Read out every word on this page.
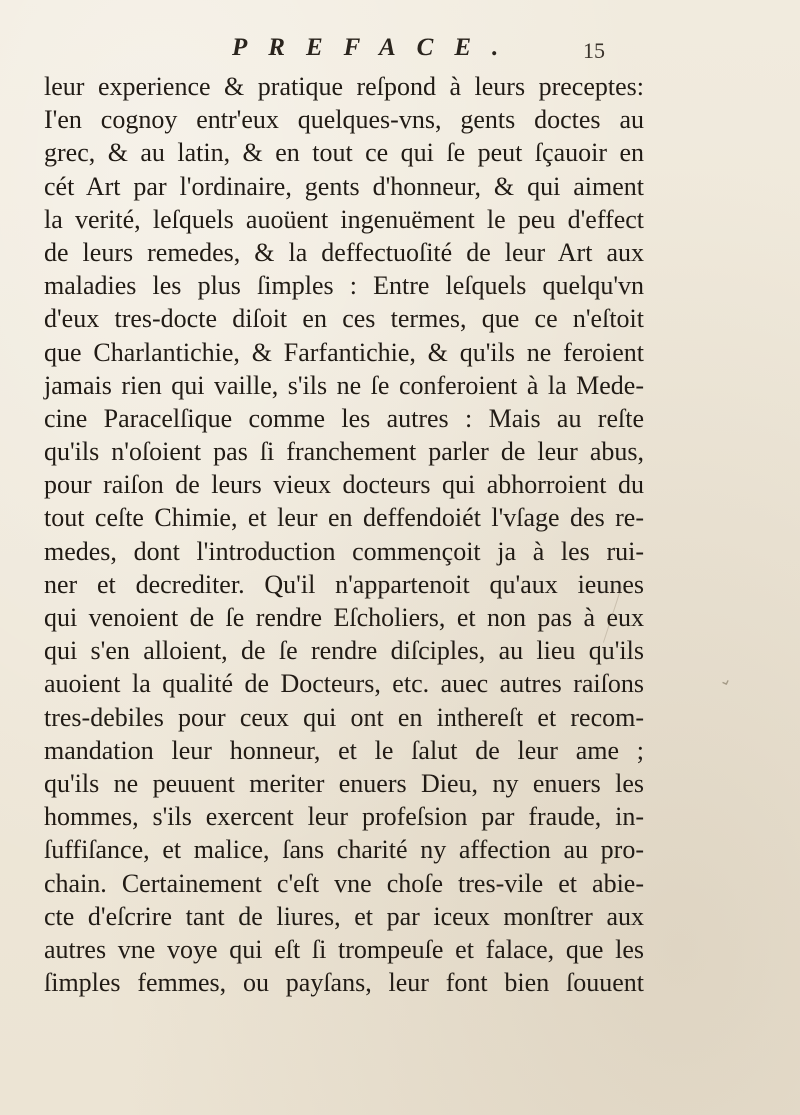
PREFACE.	15
leur experience & pratique reſpond à leurs preceptes:
I'en cognoy entr'eux quelques-vns, gents doctes au
grec, & au latin, & en tout ce qui ſe peut ſçauoir en
cét Art par l'ordinaire, gents d'honneur, & qui aiment
la verité, leſquels auoüent ingenuëment le peu d'effect
de leurs remedes, & la deffectuoſité de leur Art aux
maladies les plus ſimples : Entre leſquels quelqu'vn
d'eux tres-docte diſoit en ces termes, que ce n'eſtoit
que Charlantichie, & Farfantichie, & qu'ils ne feroient
jamais rien qui vaille, s'ils ne ſe conferoient à la Mede-
cine Paracelſique comme les autres : Mais au reſte
qu'ils n'oſoient pas ſi franchement parler de leur abus,
pour raiſon de leurs vieux docteurs qui abhorroient du
tout ceſte Chimie, et leur en deffendoiét l'vſage des re-
medes, dont l'introduction commençoit ja à les rui-
ner et decrediter. Qu'il n'appartenoit qu'aux ieunes
qui venoient de ſe rendre Eſcholiers, et non pas à eux
qui s'en alloient, de ſe rendre diſciples, au lieu qu'ils
auoient la qualité de Docteurs, etc. auec autres raiſons
tres-debiles pour ceux qui ont en inthereſt et recom-
mandation leur honneur, et le ſalut de leur ame ;
qu'ils ne peuuent meriter enuers Dieu, ny enuers les
hommes, s'ils exercent leur profeſsion par fraude, in-
ſuffiſance, et malice, ſans charité ny affection au pro-
chain. Certainement c'eſt vne choſe tres-vile et abie-
cte d'eſcrire tant de liures, et par iceux monſtrer aux
autres vne voye qui eſt ſi trompeuſe et falace, que les
ſimples femmes, ou payſans, leur font bien ſouuent
⌄
